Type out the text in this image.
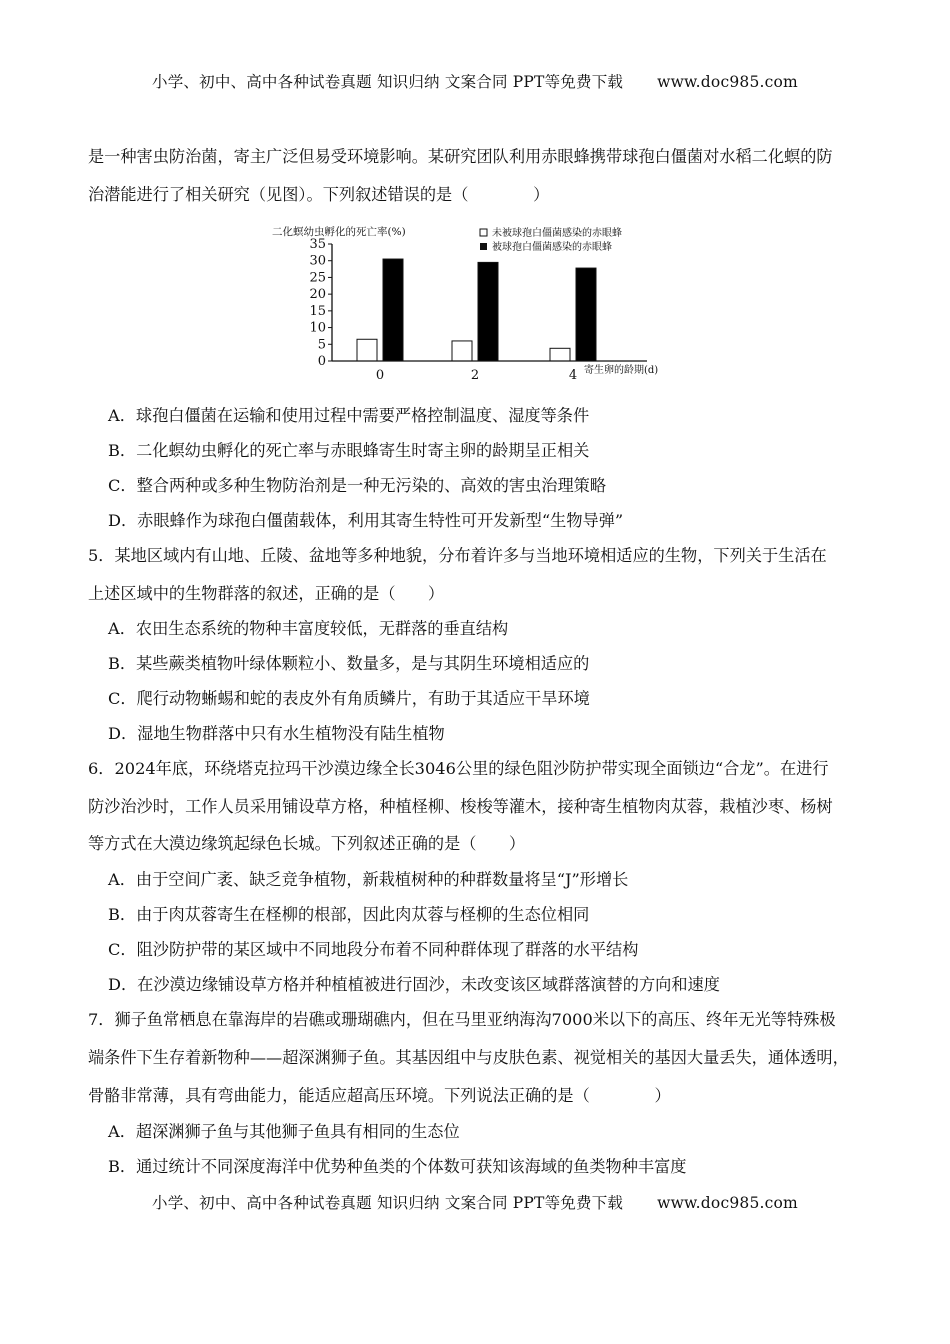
小学、初中、高中各种试卷真题 知识归纳 文案合同 PPT等免费下载 www.doc985.com
是一种害虫防治菌，寄主广泛但易受环境影响。某研究团队利用赤眼蜂携带球孢白僵菌对水稻二化螟的防
治潜能进行了相关研究（见图）。下列叙述错误的是（　　　　）
二化螟幼虫孵化的死亡率(%)
0
5
10
15
20
25
30
35
0	2	4 寄生卵的龄期(d)
未被球孢白僵菌感染的赤眼蜂
被球孢白僵菌感染的赤眼蜂
A．球孢白僵菌在运输和使用过程中需要严格控制温度、湿度等条件
B．二化螟幼虫孵化的死亡率与赤眼蜂寄生时寄主卵的龄期呈正相关
C．整合两种或多种生物防治剂是一种无污染的、高效的害虫治理策略
D．赤眼蜂作为球孢白僵菌载体，利用其寄生特性可开发新型“生物导弹”
5．某地区域内有山地、丘陵、盆地等多种地貌，分布着许多与当地环境相适应的生物，下列关于生活在
上述区域中的生物群落的叙述，正确的是（　　）
A．农田生态系统的物种丰富度较低，无群落的垂直结构
B．某些蕨类植物叶绿体颗粒小、数量多，是与其阴生环境相适应的
C．爬行动物蜥蜴和蛇的表皮外有角质鳞片，有助于其适应干旱环境
D．湿地生物群落中只有水生植物没有陆生植物
6．2024年底，环绕塔克拉玛干沙漠边缘全长3046公里的绿色阻沙防护带实现全面锁边“合龙”。在进行
防沙治沙时，工作人员采用铺设草方格，种植柽柳、梭梭等灌木，接种寄生植物肉苁蓉，栽植沙枣、杨树
等方式在大漠边缘筑起绿色长城。下列叙述正确的是（　　）
A．由于空间广袤、缺乏竞争植物，新栽植树种的种群数量将呈“J”形增长
B．由于肉苁蓉寄生在柽柳的根部，因此肉苁蓉与柽柳的生态位相同
C．阻沙防护带的某区域中不同地段分布着不同种群体现了群落的水平结构
D．在沙漠边缘铺设草方格并种植植被进行固沙，未改变该区域群落演替的方向和速度
7．狮子鱼常栖息在靠海岸的岩礁或珊瑚礁内，但在马里亚纳海沟7000米以下的高压、终年无光等特殊极
端条件下生存着新物种——超深渊狮子鱼。其基因组中与皮肤色素、视觉相关的基因大量丢失，通体透明，
骨骼非常薄，具有弯曲能力，能适应超高压环境。下列说法正确的是（　　　　）
A．超深渊狮子鱼与其他狮子鱼具有相同的生态位
B．通过统计不同深度海洋中优势种鱼类的个体数可获知该海域的鱼类物种丰富度
小学、初中、高中各种试卷真题 知识归纳 文案合同 PPT等免费下载 www.doc985.com
